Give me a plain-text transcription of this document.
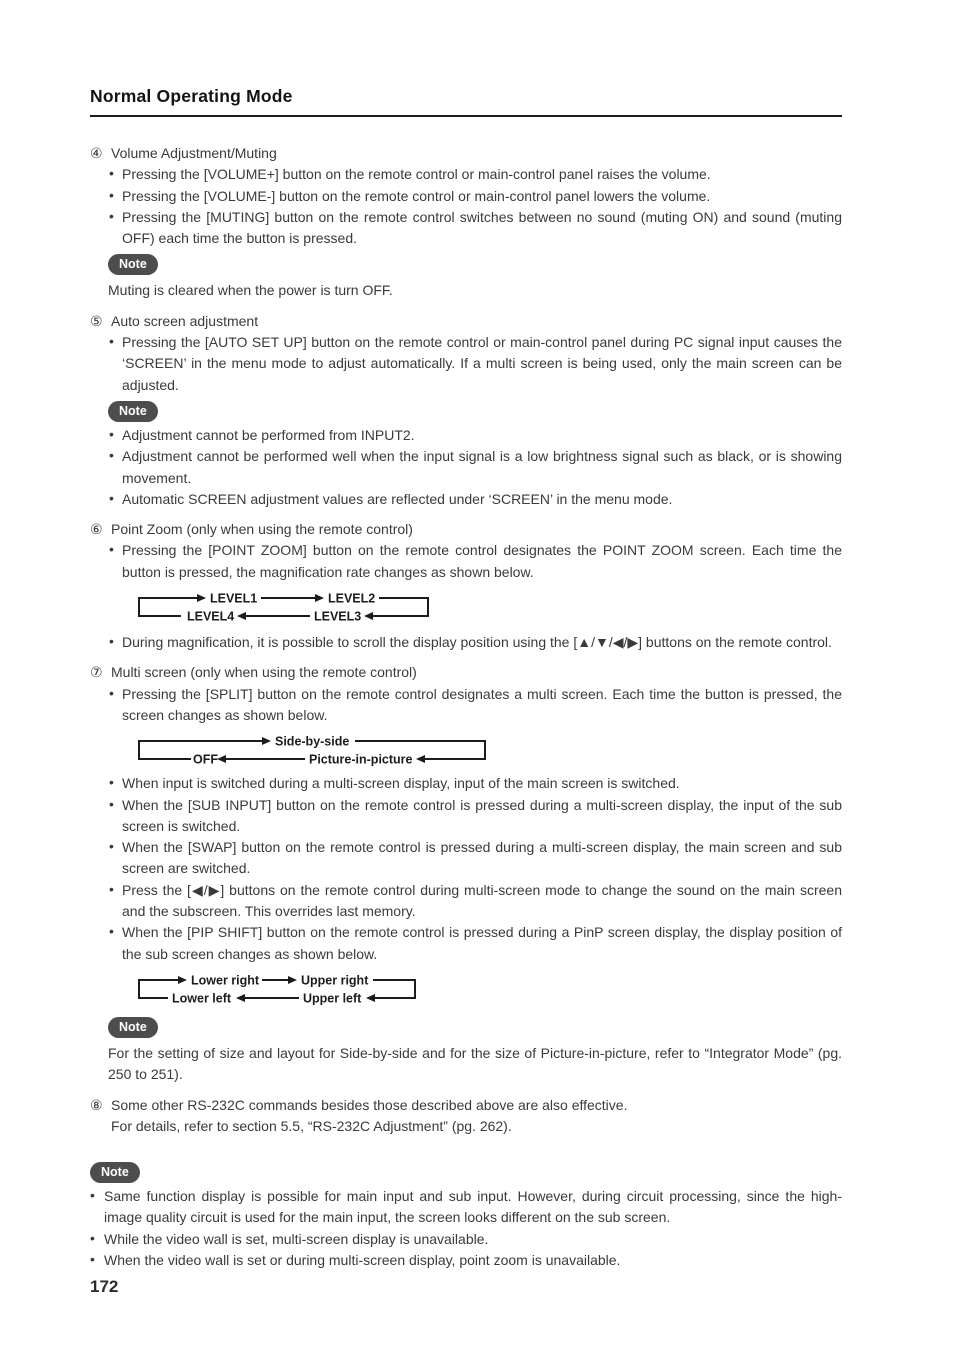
Normal Operating Mode
④ Volume Adjustment/Muting
• Pressing the [VOLUME+] button on the remote control or main-control panel raises the volume.
• Pressing the [VOLUME-] button on the remote control or main-control panel lowers the volume.
• Pressing the [MUTING] button on the remote control switches between no sound (muting ON) and sound (muting OFF) each time the button is pressed.
Note

Muting is cleared when the power is turn OFF.

⑤ Auto screen adjustment
• Pressing the [AUTO SET UP] button on the remote control or main-control panel during PC signal input causes the ‘SCREEN’ in the menu mode to adjust automatically. If a multi screen is being used, only the main screen can be adjusted.
Note
• Adjustment cannot be performed from INPUT2.
• Adjustment cannot be performed well when the input signal is a low brightness signal such as black, or is showing movement.
• Automatic SCREEN adjustment values are reflected under ‘SCREEN’ in the menu mode.
⑥ Point Zoom (only when using the remote control)
• Pressing the [POINT ZOOM] button on the remote control designates the POINT ZOOM screen. Each time the button is pressed, the magnification rate changes as shown below.
LEVEL1	LEVEL2
LEVEL4	LEVEL3
• During magnification, it is possible to scroll the display position using the [▲/▼/◀/▶] buttons on the remote control.
⑦ Multi screen (only when using the remote control)
• Pressing the [SPLIT] button on the remote control designates a multi screen. Each time the button is pressed, the screen changes as shown below.
Side-by-side
OFF	Picture-in-picture
• When input is switched during a multi-screen display, input of the main screen is switched.
• When the [SUB INPUT] button on the remote control is pressed during a multi-screen display, the input of the sub screen is switched.
• When the [SWAP] button on the remote control is pressed during a multi-screen display, the main screen and sub screen are switched.
• Press the [◀/▶] buttons on the remote control during multi-screen mode to change the sound on the main screen and the subscreen. This overrides last memory.
• When the [PIP SHIFT] button on the remote control is pressed during a PinP screen display, the display position of the sub screen changes as shown below.
Lower right	Upper right
Lower left	Upper left
Note

For the setting of size and layout for Side-by-side and for the size of Picture-in-picture, refer to “Integrator Mode” (pg. 250 to 251).

⑧ Some other RS-232C commands besides those described above are also effective.
For details, refer to section 5.5, “RS-232C Adjustment” (pg. 262).
Note
• Same function display is possible for main input and sub input. However, during circuit processing, since the high-image quality circuit is used for the main input, the screen looks different on the sub screen.
• While the video wall is set, multi-screen display is unavailable.
• When the video wall is set or during multi-screen display, point zoom is unavailable.
172
